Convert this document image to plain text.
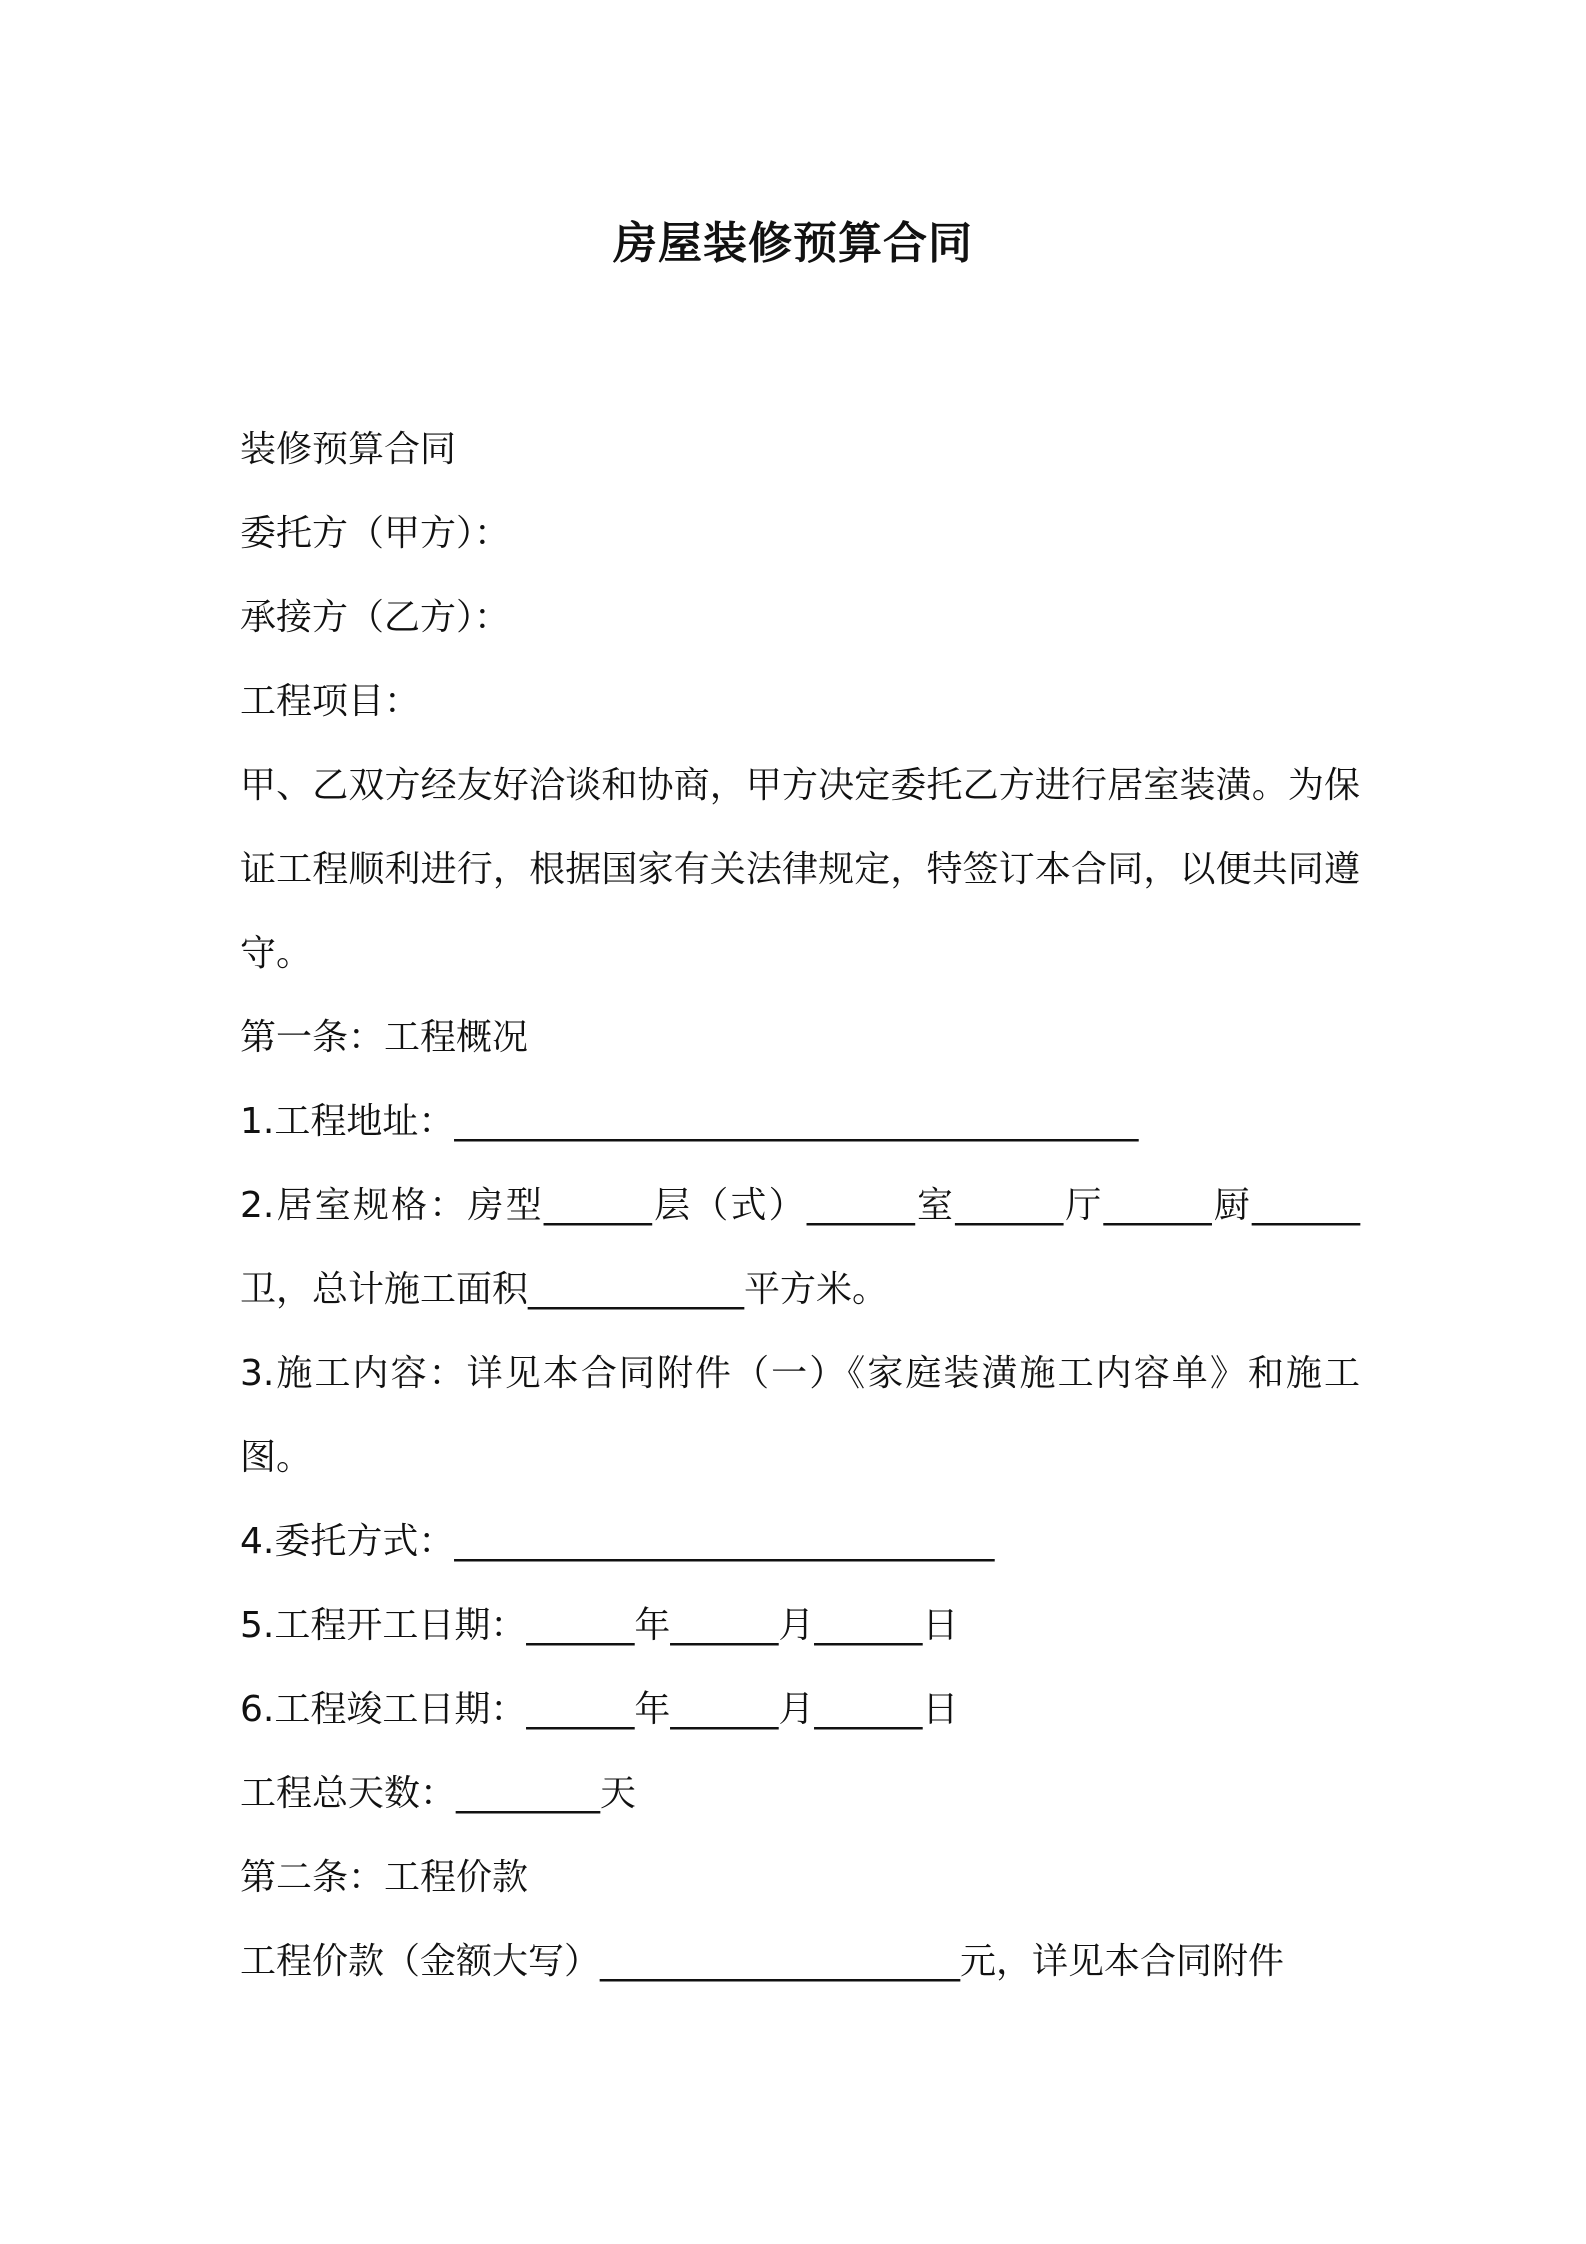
房屋装修预算合同
装修预算合同
委托方（甲方）：
承接方（乙方）：
工程项目：
甲、乙双方经友好洽谈和协商，甲方决定委托乙方进行居室装潢。为保证工程顺利进行，根据国家有关法律规定，特签订本合同，以便共同遵守。
第一条：工程概况
1.工程地址：______________________________________
2.居室规格：房型______层（式）______室______厅______厨______卫，总计施工面积____________平方米。
3.施工内容：详见本合同附件（一）《家庭装潢施工内容单》和施工图。
4.委托方式：______________________________
5.工程开工日期：______年______月______日
6.工程竣工日期：______年______月______日
工程总天数：________天
第二条：工程价款
工程价款（金额大写）____________________元，详见本合同附件
